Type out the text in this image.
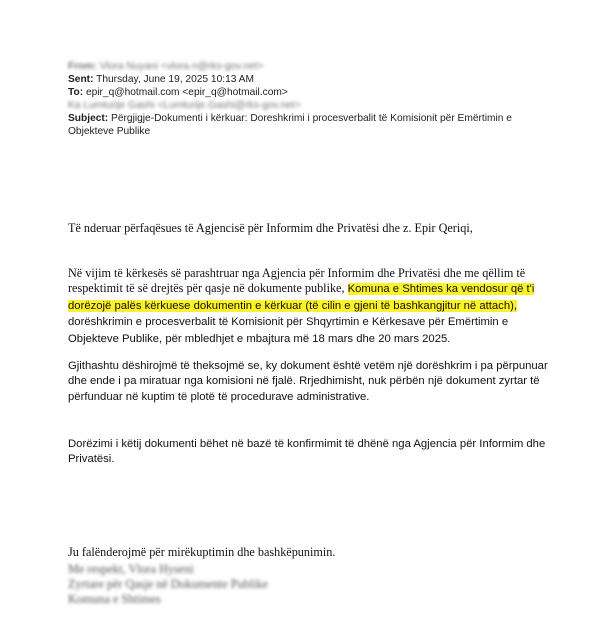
From: Vlora Nuyani <vlora.n@rks-gov.net>
Sent: Thursday, June 19, 2025 10:13 AM
To: epir_q@hotmail.com <epir_q@hotmail.com>
Ka Lumturije Gashi <Lumturije.Gashi@rks-gov.net>
Subject: Përgjigje-Dokumenti i kërkuar: Doreshkrimi i procesverbalit të Komisionit për Emërtimin e Objekteve Publike
Të nderuar përfaqësues të Agjencisë për Informim dhe Privatësi dhe z. Epir Qeriqi,
Në vijim të kërkesës së parashtruar nga Agjencia për Informim dhe Privatësi dhe me qëllim të respektimit të së drejtës për qasje në dokumente publike, Komuna e Shtimes ka vendosur që t'i dorëzojë palës kërkuese dokumentin e kërkuar (të cilin e gjeni të bashkangjitur në attach), dorëshkrimin e procesverbalit të Komisionit për Shqyrtimin e Kërkesave për Emërtimin e Objekteve Publike, për mbledhjet e mbajtura më 18 mars dhe 20 mars 2025.
Gjithashtu dëshirojmë të theksojmë se, ky dokument është vetëm një dorëshkrim i pa përpunuar dhe ende i pa miratuar nga komisioni në fjalë. Rrjedhimisht, nuk përbën një dokument zyrtar të përfunduar në kuptim të plotë të procedurave administrative.
Dorëzimi i këtij dokumenti bëhet në bazë të konfirmimit të dhënë nga Agjencia për Informim dhe Privatësi.
Ju falënderojmë për mirëkuptimin dhe bashkëpunimin.
Me respekt, Vlora Hyseni
Zyrtare për Qasje në Dokumente Publike
Komuna e Shtimes
